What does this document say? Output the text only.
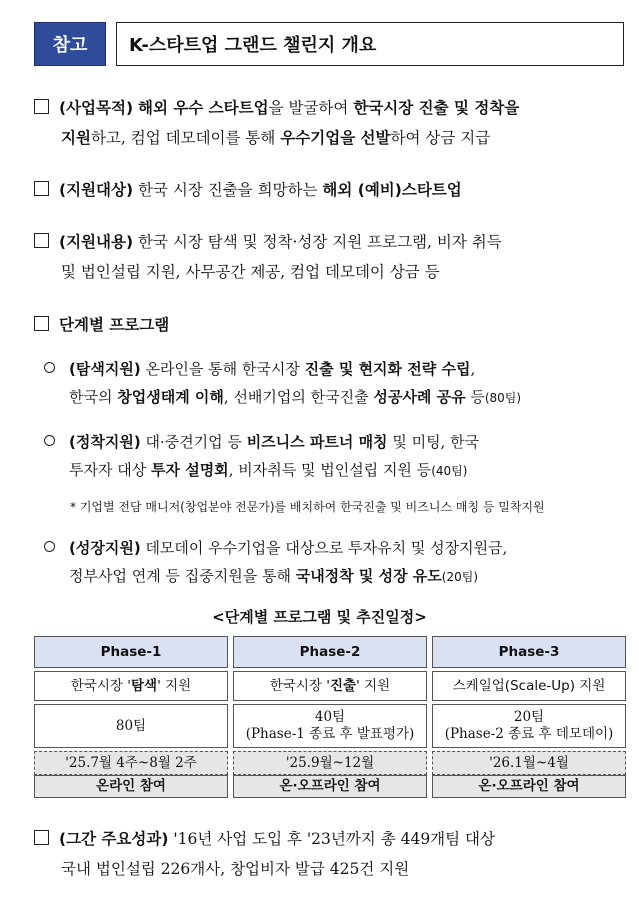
참고	K-스타트업 그랜드 챌린지 개요
(사업목적) 해외 우수 스타트업을 발굴하여 한국시장 진출 및 정착을
지원하고, 컴업 데모데이를 통해 우수기업을 선발하여 상금 지급
(지원대상) 한국 시장 진출을 희망하는 해외 (예비)스타트업
(지원내용) 한국 시장 탐색 및 정착·성장 지원 프로그램, 비자 취득
및 법인설립 지원, 사무공간 제공, 컴업 데모데이 상금 등
단계별 프로그램
(탐색지원) 온라인을 통해 한국시장 진출 및 현지화 전략 수립,
한국의 창업생태계 이해, 선배기업의 한국진출 성공사례 공유 등(80팀)
(정착지원) 대·중견기업 등 비즈니스 파트너 매칭 및 미팅, 한국
투자자 대상 투자 설명회, 비자취득 및 법인설립 지원 등(40팀)
* 기업별 전담 매니저(창업분야 전문가)를 배치하여 한국진출 및 비즈니스 매칭 등 밀착지원
(성장지원) 데모데이 우수기업을 대상으로 투자유치 및 성장지원금,
정부사업 연계 등 집중지원을 통해 국내정착 및 성장 유도(20팀)
<단계별 프로그램 및 추진일정>
Phase-1
한국시장 ' 탐색 ' 지원
80팀
'25.7월 4주~8월 2주
온라인 참여
Phase-2
한국시장 ' 진출 ' 지원
40팀
(Phase-1 종료 후 발표평가)
'25.9월~12월
온·오프라인 참여
Phase-3
스케일업(Scale-Up) 지원
20팀
(Phase-2 종료 후 데모데이)
'26.1월~4월
온·오프라인 참여
(그간 주요성과) '16년 사업 도입 후 '23년까지 총 449개팀 대상
국내 법인설립 226개사, 창업비자 발급 425건 지원
